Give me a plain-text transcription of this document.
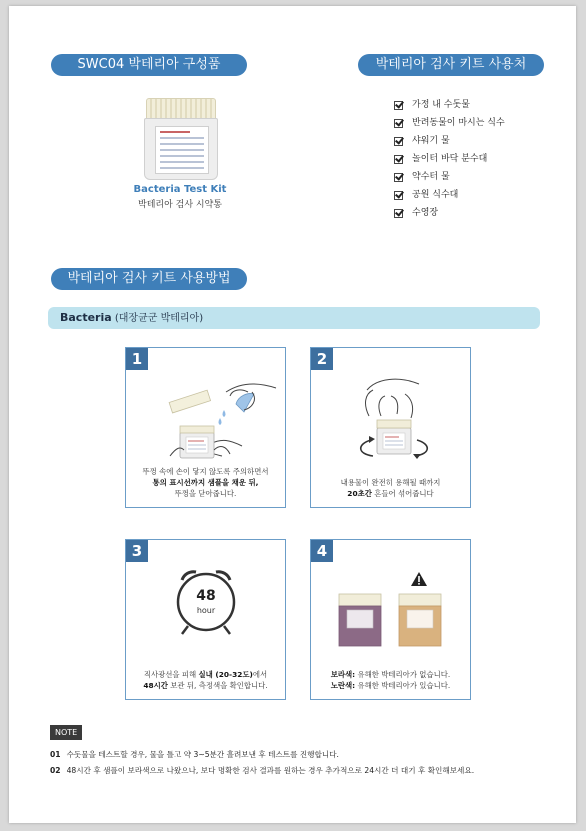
SWC04 박테리아 구성품	박테리아 검사 키트 사용처
박테리아 검사 키트 사용방법
Bacteria Test Kit
박테리아 검사 시약통
가정 내 수돗물
반려동물이 마시는 식수
샤워기 물
놀이터 바닥 분수대
약수터 물
공원 식수대
수영장
Bacteria (대장균군 박테리아)
1
뚜껑 속에 손이 닿지 않도록 주의하면서
통의 표시선까지 샘플을 채운 뒤,
뚜껑을 닫아줍니다.
2
내용물이 완전히 용해될 때까지
20초간 흔들어 섞어줍니다
3
48
hour
직사광선을 피해 실내 (20-32도)에서
48시간 보관 뒤, 측정색을 확인합니다.
4
보라색: 유해한 박테리아가 없습니다.
노란색: 유해한 박테리아가 있습니다.
NOTE
01 수돗물을 테스트할 경우, 물을 틀고 약 3~5분간 흘려보낸 후 테스트를 진행합니다.
02 48시간 후 샘플이 보라색으로 나왔으나, 보다 명확한 검사 결과를 원하는 경우 추가적으로 24시간 더 대기 후 확인해보세요.
